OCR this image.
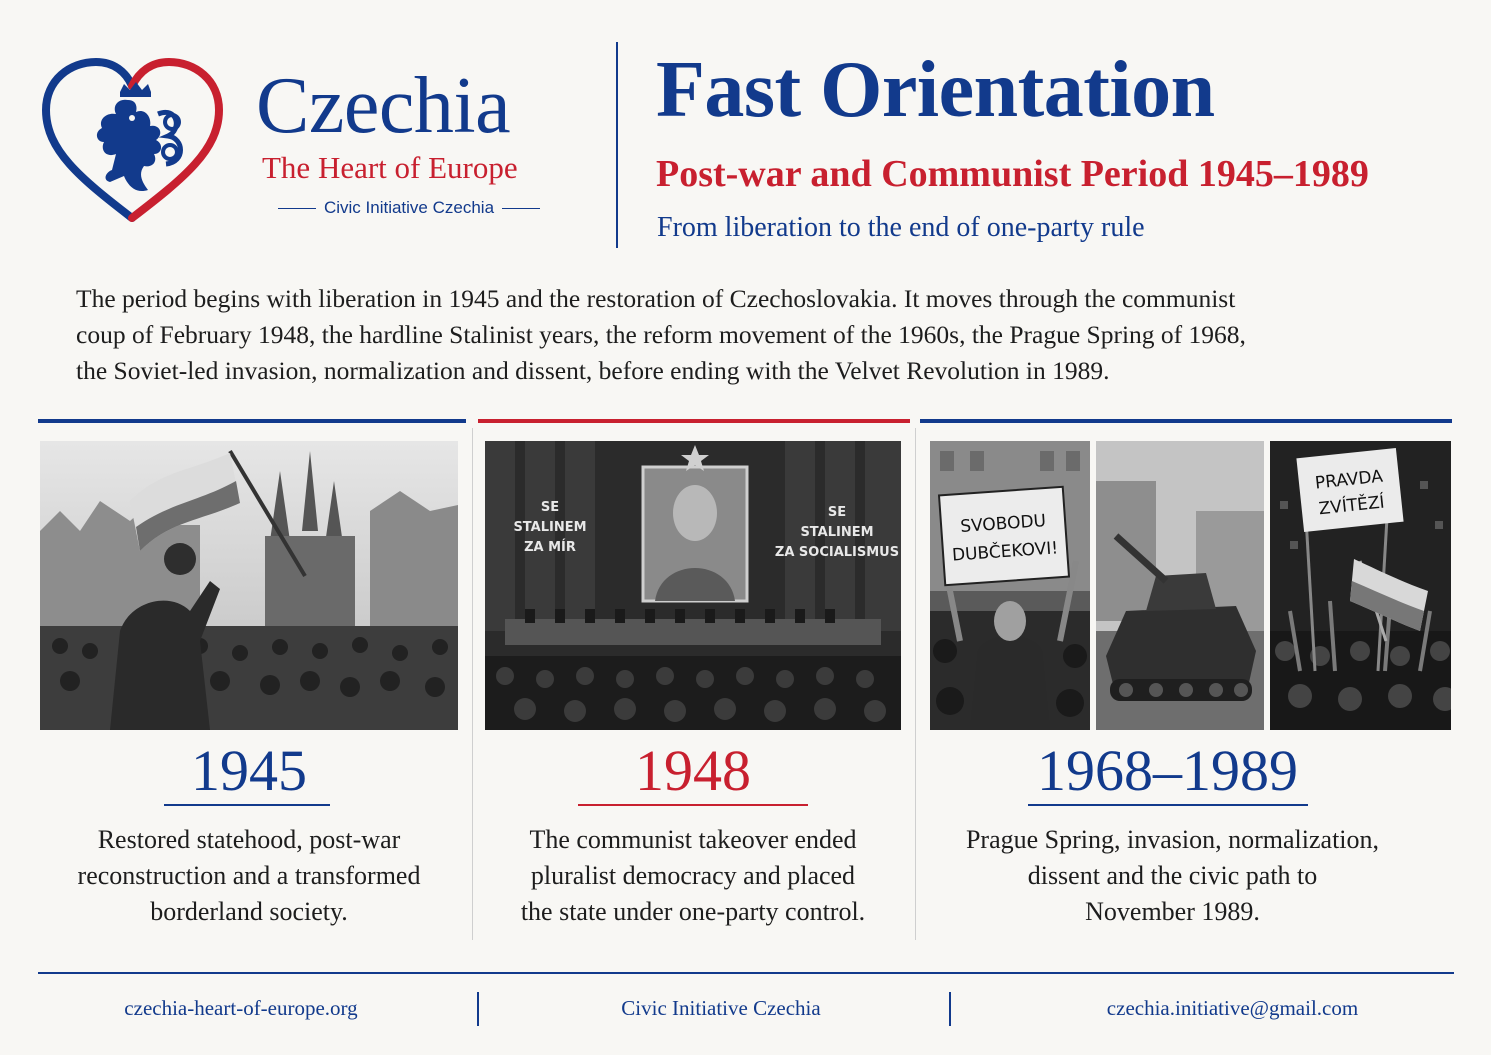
Czechia
The Heart of Europe
Civic Initiative Czechia
Fast Orientation
Post-war and Communist Period 1945–1989
From liberation to the end of one-party rule

The period begins with liberation in 1945 and the restoration of Czechoslovakia. It moves through the communist

coup of February 1948, the hardline Stalinist years, the reform movement of the 1960s, the Prague Spring of 1968,

the Soviet-led invasion, normalization and dissent, before ending with the Velvet Revolution in 1989.

SE
STALINEM
ZA MÍR
SE
STALINEM
ZA SOCIALISMUS
SVOBODU
DUBČEKOVI!
PRAVDA
ZVÍTĚZÍ
1945

Restored statehood, post-war

reconstruction and a transformed

borderland society.

1948

The communist takeover ended

pluralist democracy and placed

the state under one-party control.

1968–1989

Prague Spring, invasion, normalization,

dissent and the civic path to

November 1989.

czechia-heart-of-europe.org	Civic Initiative Czechia	czechia.initiative@gmail.com
